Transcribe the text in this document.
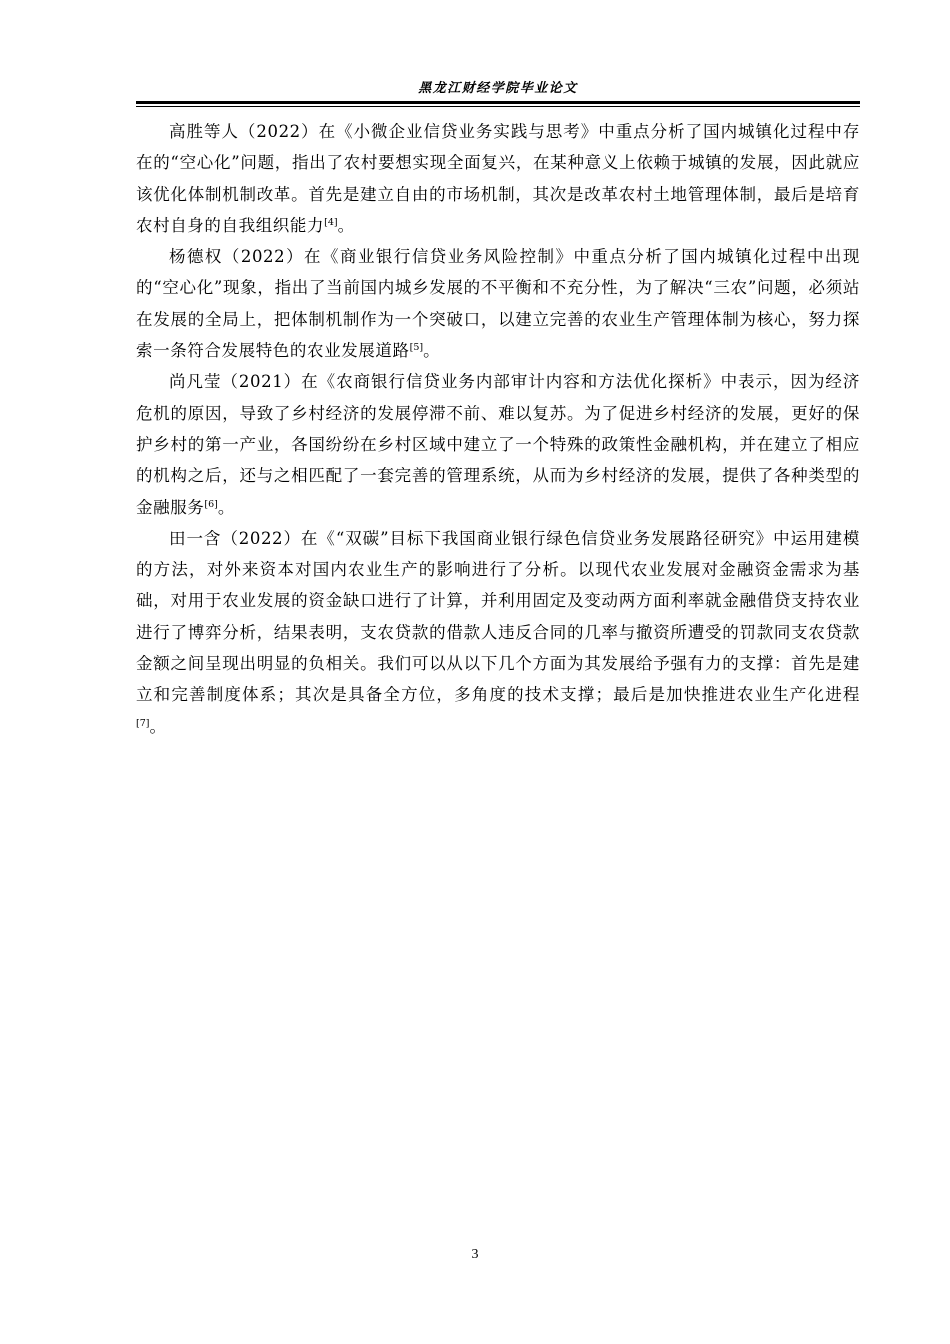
黑龙江财经学院毕业论文

高胜等人（2022）在《小微企业信贷业务实践与思考》中重点分析了国内城镇化过程中存在的“空心化”问题，指出了农村要想实现全面复兴，在某种意义上依赖于城镇的发展，因此就应该优化体制机制改革。首先是建立自由的市场机制，其次是改革农村土地管理体制，最后是培育农村自身的自我组织能力[4]。

杨德权（2022）在《商业银行信贷业务风险控制》中重点分析了国内城镇化过程中出现的“空心化”现象，指出了当前国内城乡发展的不平衡和不充分性，为了解决“三农”问题，必须站在发展的全局上，把体制机制作为一个突破口，以建立完善的农业生产管理体制为核心，努力探索一条符合发展特色的农业发展道路[5]。

尚凡莹（2021）在《农商银行信贷业务内部审计内容和方法优化探析》中表示，因为经济危机的原因，导致了乡村经济的发展停滞不前、难以复苏。为了促进乡村经济的发展，更好的保护乡村的第一产业，各国纷纷在乡村区域中建立了一个特殊的政策性金融机构，并在建立了相应的机构之后，还与之相匹配了一套完善的管理系统，从而为乡村经济的发展，提供了各种类型的金融服务[6]。

田一含（2022）在《“双碳”目标下我国商业银行绿色信贷业务发展路径研究》中运用建模的方法，对外来资本对国内农业生产的影响进行了分析。以现代农业发展对金融资金需求为基础，对用于农业发展的资金缺口进行了计算，并利用固定及变动两方面利率就金融借贷支持农业进行了博弈分析，结果表明，支农贷款的借款人违反合同的几率与撤资所遭受的罚款同支农贷款金额之间呈现出明显的负相关。我们可以从以下几个方面为其发展给予强有力的支撑：首先是建立和完善制度体系；其次是具备全方位，多角度的技术支撑；最后是加快推进农业生产化进程[7]。

3
